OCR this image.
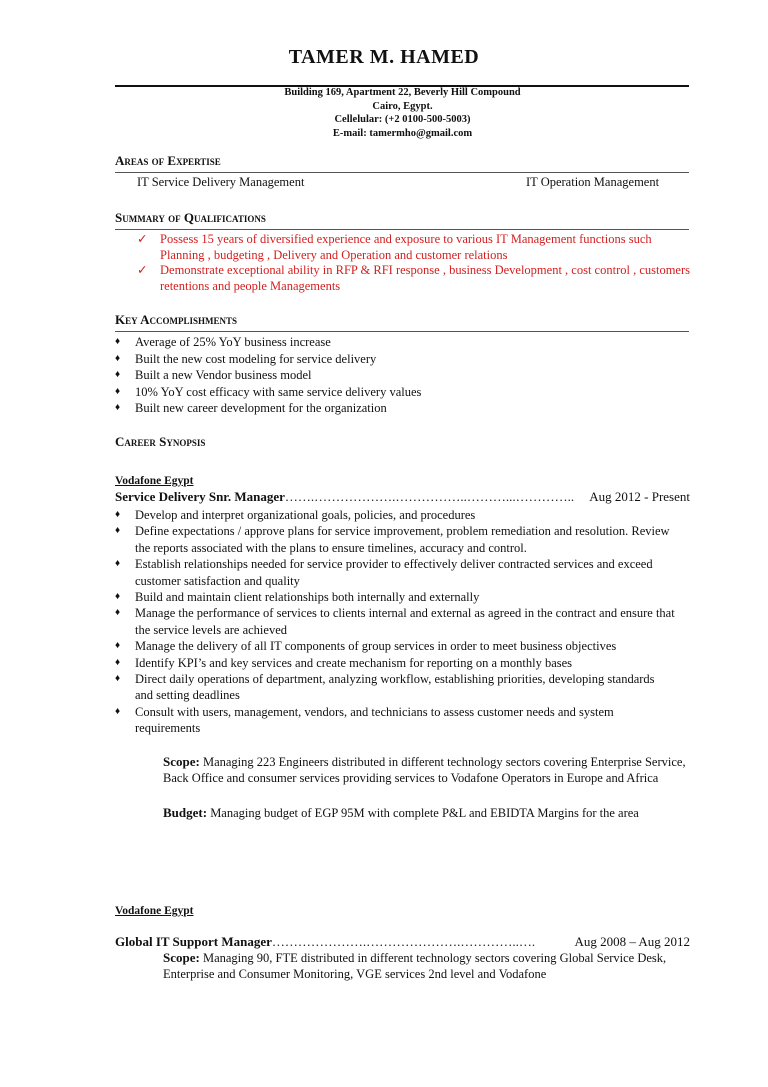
TAMER M. HAMED
Building 169, Apartment 22, Beverly Hill Compound
Cairo, Egypt.
Cellelular: (+2 0100-500-5003)
E-mail: tamermho@gmail.com
Areas of Expertise
IT Service Delivery Management	IT Operation Management
Summary of Qualifications
✓ Possess 15 years of diversified experience and exposure to various IT Management functions such Planning , budgeting , Delivery and Operation and customer relations
✓ Demonstrate exceptional ability in RFP & RFI response , business Development , cost control , customers retentions and people Managements
Key Accomplishments
♦ Average of 25% YoY business increase
♦ Built the new cost modeling for service delivery
♦ Built a new Vendor business model
♦ 10% YoY cost efficacy with same service delivery values
♦ Built new career development for the organization
Career Synopsis
Vodafone Egypt
Service Delivery Snr. Manager …….……………….……………..………...…………..	Aug 2012 - Present
♦ Develop and interpret organizational goals, policies, and procedures
♦ Define expectations / approve plans for service improvement, problem remediation and resolution. Review the reports associated with the plans to ensure timelines, accuracy and control.
♦ Establish relationships needed for service provider to effectively deliver contracted services and exceed customer satisfaction and quality
♦ Build and maintain client relationships both internally and externally
♦ Manage the performance of services to clients internal and external as agreed in the contract and ensure that the service levels are achieved
♦ Manage the delivery of all IT components of group services in order to meet business objectives
♦ Identify KPI’s and key services and create mechanism for reporting on a monthly bases
♦ Direct daily operations of department, analyzing workflow, establishing priorities, developing standards and setting deadlines
♦ Consult with users, management, vendors, and technicians to assess customer needs and system requirements
Scope: Managing 223 Engineers distributed in different technology sectors covering Enterprise Service, Back Office and consumer services providing services to Vodafone Operators in Europe and Africa
Budget: Managing budget of EGP 95M with complete P&L and EBIDTA Margins for the area
Vodafone Egypt
Global IT Support Manager ………………….………………….…………..….	Aug 2008 – Aug 2012
Scope: Managing 90, FTE distributed in different technology sectors covering Global Service Desk, Enterprise and Consumer Monitoring, VGE services 2nd level and Vodafone
